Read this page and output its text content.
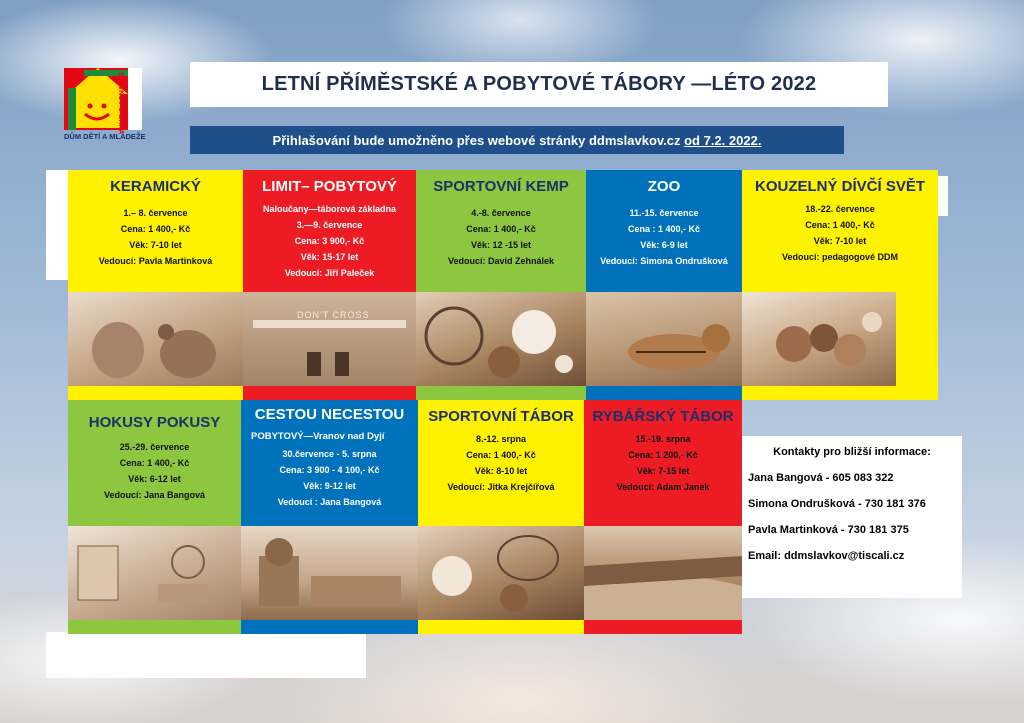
SLAVKOV U BRNA
DŮM DĚTÍ A MLÁDEŽE
LETNÍ PŘÍMĚSTSKÉ A POBYTOVÉ TÁBORY —LÉTO 2022
Přihlašování bude umožněno přes webové stránky ddmslavkov.cz od 7.2. 2022.
KERAMICKÝ
1.– 8. července
Cena: 1 400,- Kč
Věk: 7-10 let
Vedoucí: Pavla Martinková
LIMIT– POBYTOVÝ
Naloučany—táborová základna
3.—9. července
Cena: 3 900,- Kč
Věk: 15-17 let
Vedoucí: Jiří Paleček
SPORTOVNÍ KEMP
4.-8. července
Cena: 1 400,- Kč
Věk: 12 -15 let
Vedoucí: David Zehnálek
ZOO
11.-15. července
Cena : 1 400,- Kč
Věk: 6-9 let
Vedoucí: Simona Ondrušková
KOUZELNÝ DÍVČÍ SVĚT
18.-22. července
Cena: 1 400,- Kč
Věk: 7-10 let
Vedoucí: pedagogové DDM
DON'T CROSS
HOKUSY POKUSY
25.-29. července
Cena: 1 400,- Kč
Věk: 6-12 let
Vedoucí: Jana Bangová
CESTOU NECESTOU
POBYTOVÝ—Vranov nad Dyjí
30.července - 5. srpna
Cena: 3 900 - 4 100,- Kč
Věk: 9-12 let
Vedoucí : Jana Bangová
SPORTOVNÍ TÁBOR
8.-12. srpna
Cena: 1 400,- Kč
Věk: 8-10 let
Vedoucí: Jitka Krejčířová
RYBÁŘSKÝ TÁBOR
15.-19. srpna
Cena: 1 200,- Kč
Věk: 7-15 let
Vedoucí: Adam Janek
Kontakty pro bližší informace:
Jana Bangová - 605 083 322
Simona Ondrušková - 730 181 376
Pavla Martinková - 730 181 375
Email: ddmslavkov@tiscali.cz
